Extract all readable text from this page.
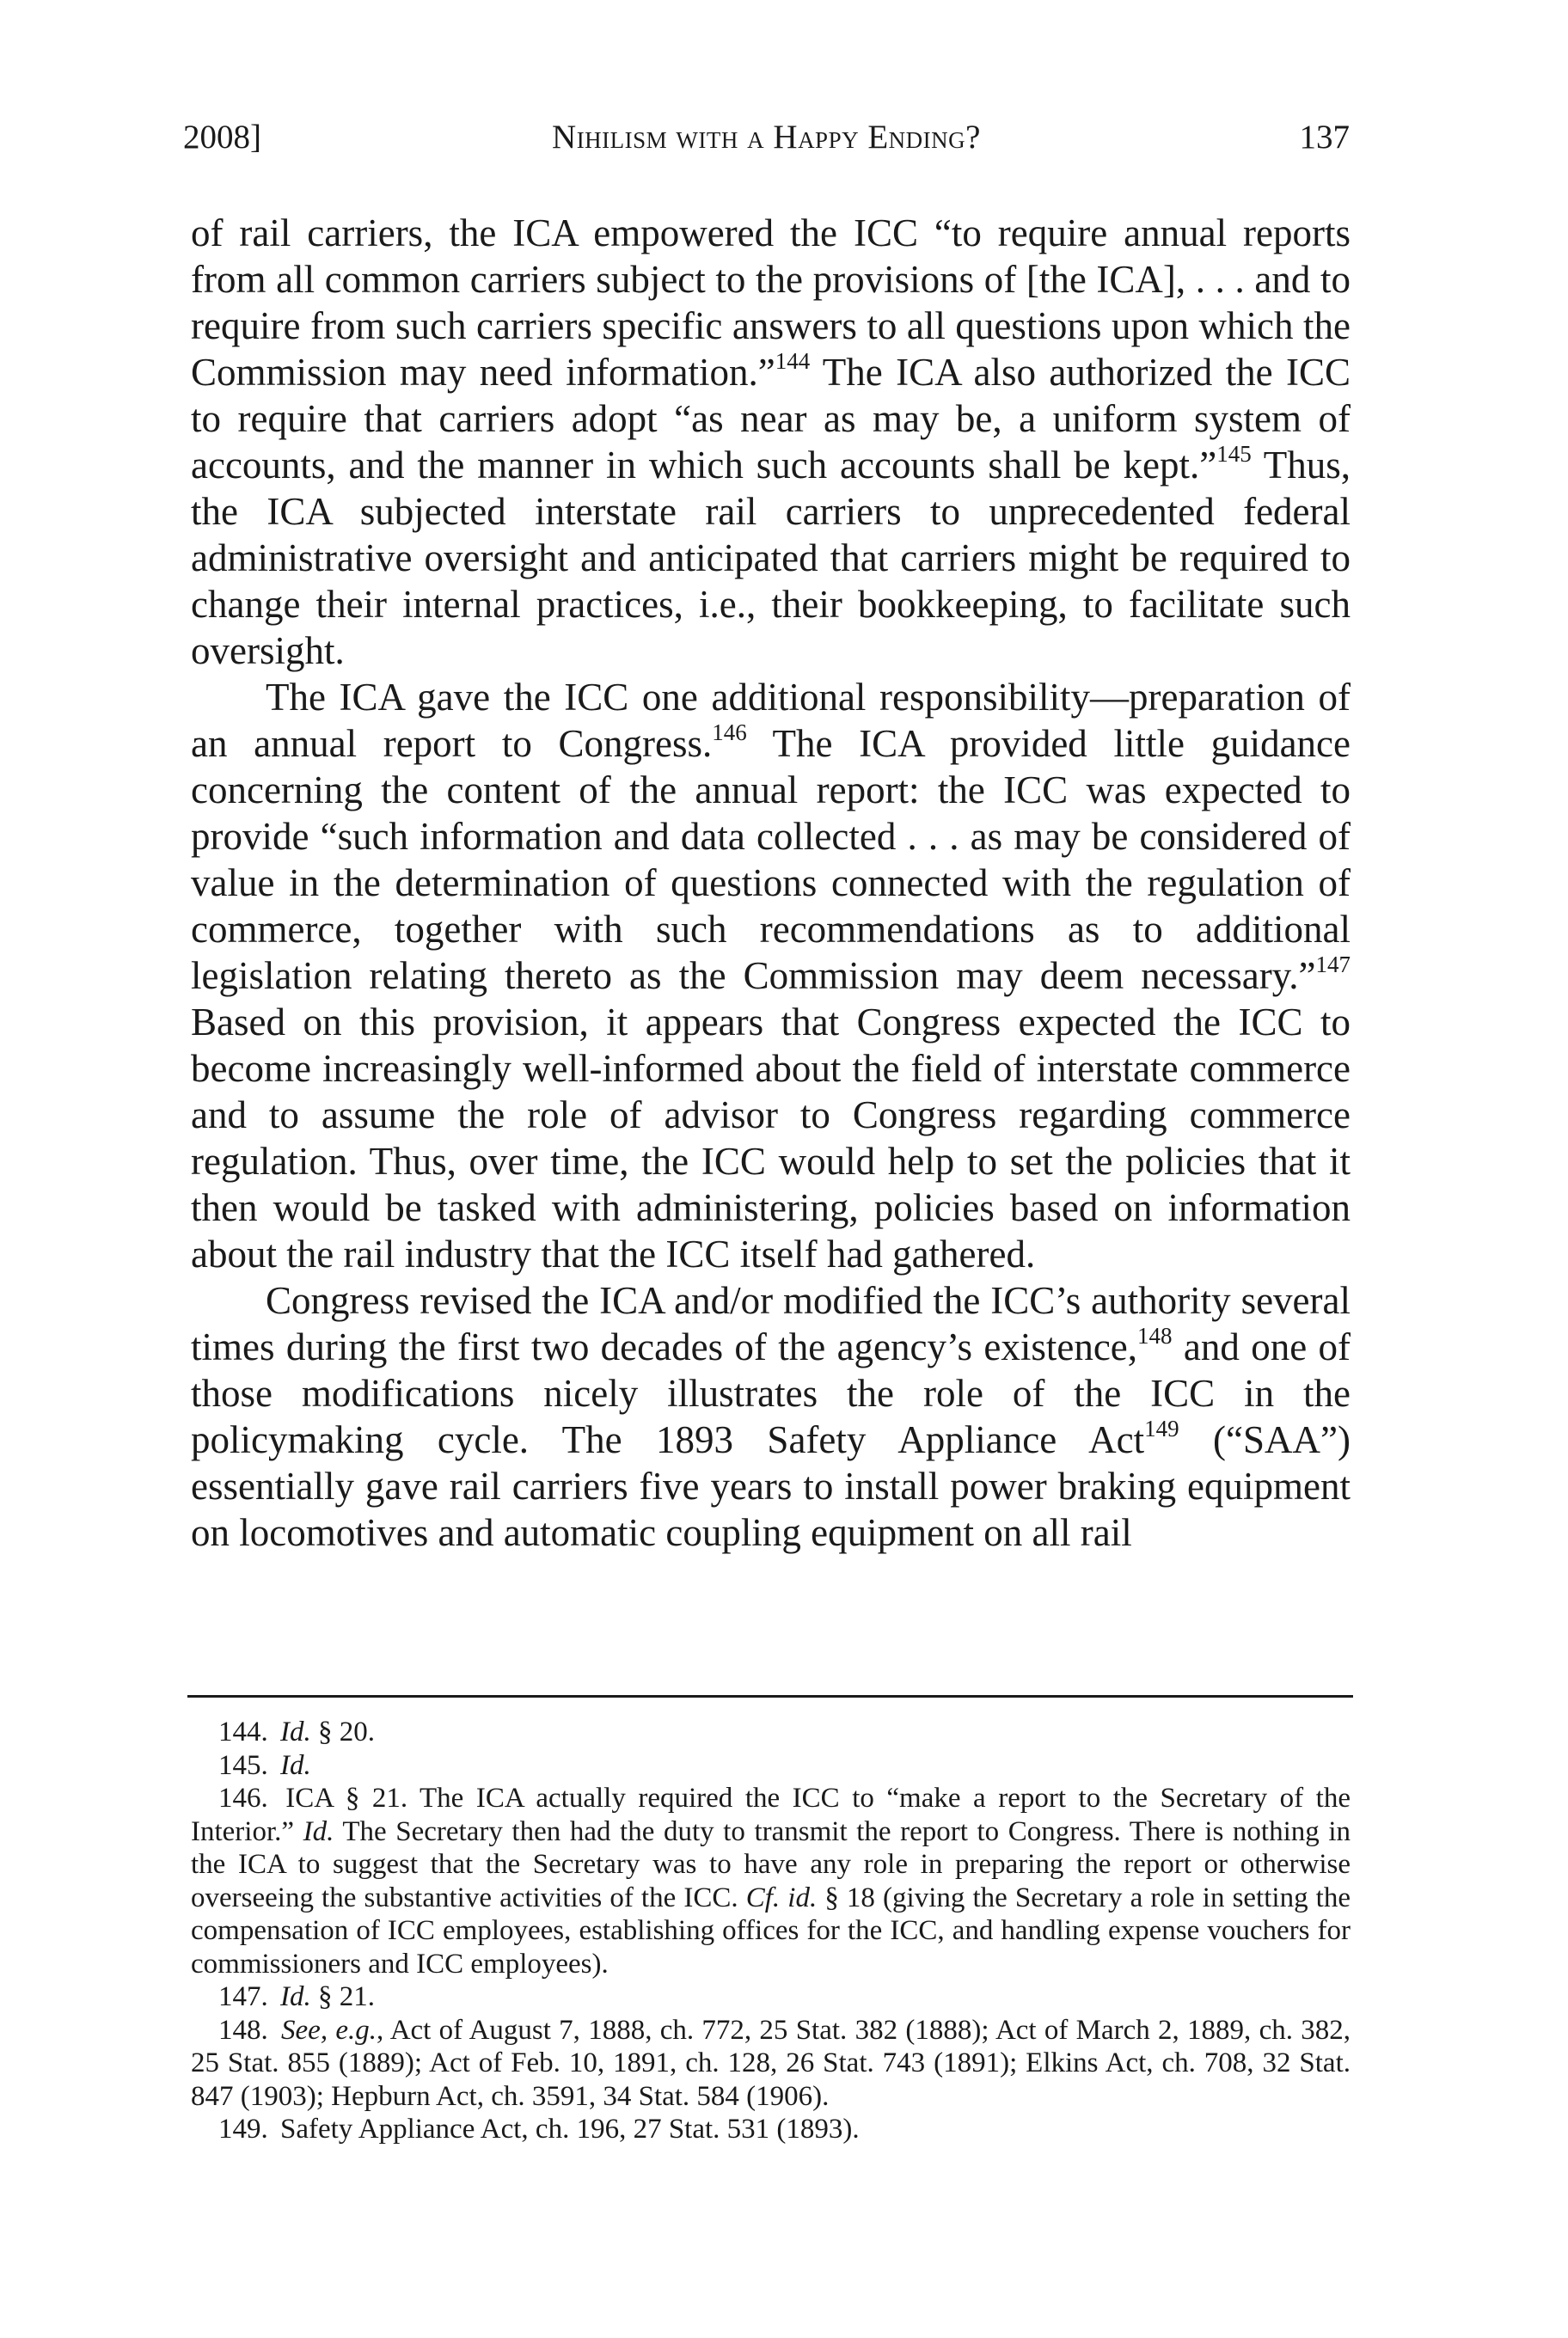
2008]	Nihilism with a Happy Ending?	137

of rail carriers, the ICA empowered the ICC “to require annual reports from all common carriers subject to the provisions of [the ICA], . . . and to require from such carriers specific answers to all questions upon which the Commission may need information.”$^{144}$ The ICA also authorized the ICC to require that carriers adopt “as near as may be, a uniform system of accounts, and the manner in which such accounts shall be kept.”$^{145}$ Thus, the ICA subjected interstate rail carriers to unprecedented federal administrative oversight and anticipated that carriers might be required to change their internal practices, i.e., their bookkeeping, to facilitate such oversight.

The ICA gave the ICC one additional responsibility—preparation of an annual report to Congress.$^{146}$ The ICA provided little guidance concerning the content of the annual report: the ICC was expected to provide “such information and data collected . . . as may be considered of value in the determination of questions connected with the regulation of commerce, together with such recommendations as to additional legislation relating thereto as the Commission may deem necessary.”$^{147}$ Based on this provision, it appears that Congress expected the ICC to become increasingly well-informed about the field of interstate commerce and to assume the role of advisor to Congress regarding commerce regulation. Thus, over time, the ICC would help to set the policies that it then would be tasked with administering, policies based on information about the rail industry that the ICC itself had gathered.

Congress revised the ICA and/or modified the ICC’s authority several times during the first two decades of the agency’s existence,$^{148}$ and one of those modifications nicely illustrates the role of the ICC in the policymaking cycle. The 1893 Safety Appliance Act$^{149}$ (“SAA”) essentially gave rail carriers five years to install power braking equipment on locomotives and automatic coupling equipment on all rail

144. Id. § 20.

145. Id.

146. ICA § 21. The ICA actually required the ICC to “make a report to the Secretary of the Interior.” Id. The Secretary then had the duty to transmit the report to Congress. There is nothing in the ICA to suggest that the Secretary was to have any role in preparing the report or otherwise overseeing the substantive activities of the ICC. Cf. id. § 18 (giving the Secretary a role in setting the compensation of ICC employees, establishing offices for the ICC, and handling expense vouchers for commissioners and ICC employees).

147. Id. § 21.

148. See, e.g., Act of August 7, 1888, ch. 772, 25 Stat. 382 (1888); Act of March 2, 1889, ch. 382, 25 Stat. 855 (1889); Act of Feb. 10, 1891, ch. 128, 26 Stat. 743 (1891); Elkins Act, ch. 708, 32 Stat. 847 (1903); Hepburn Act, ch. 3591, 34 Stat. 584 (1906).

149. Safety Appliance Act, ch. 196, 27 Stat. 531 (1893).
